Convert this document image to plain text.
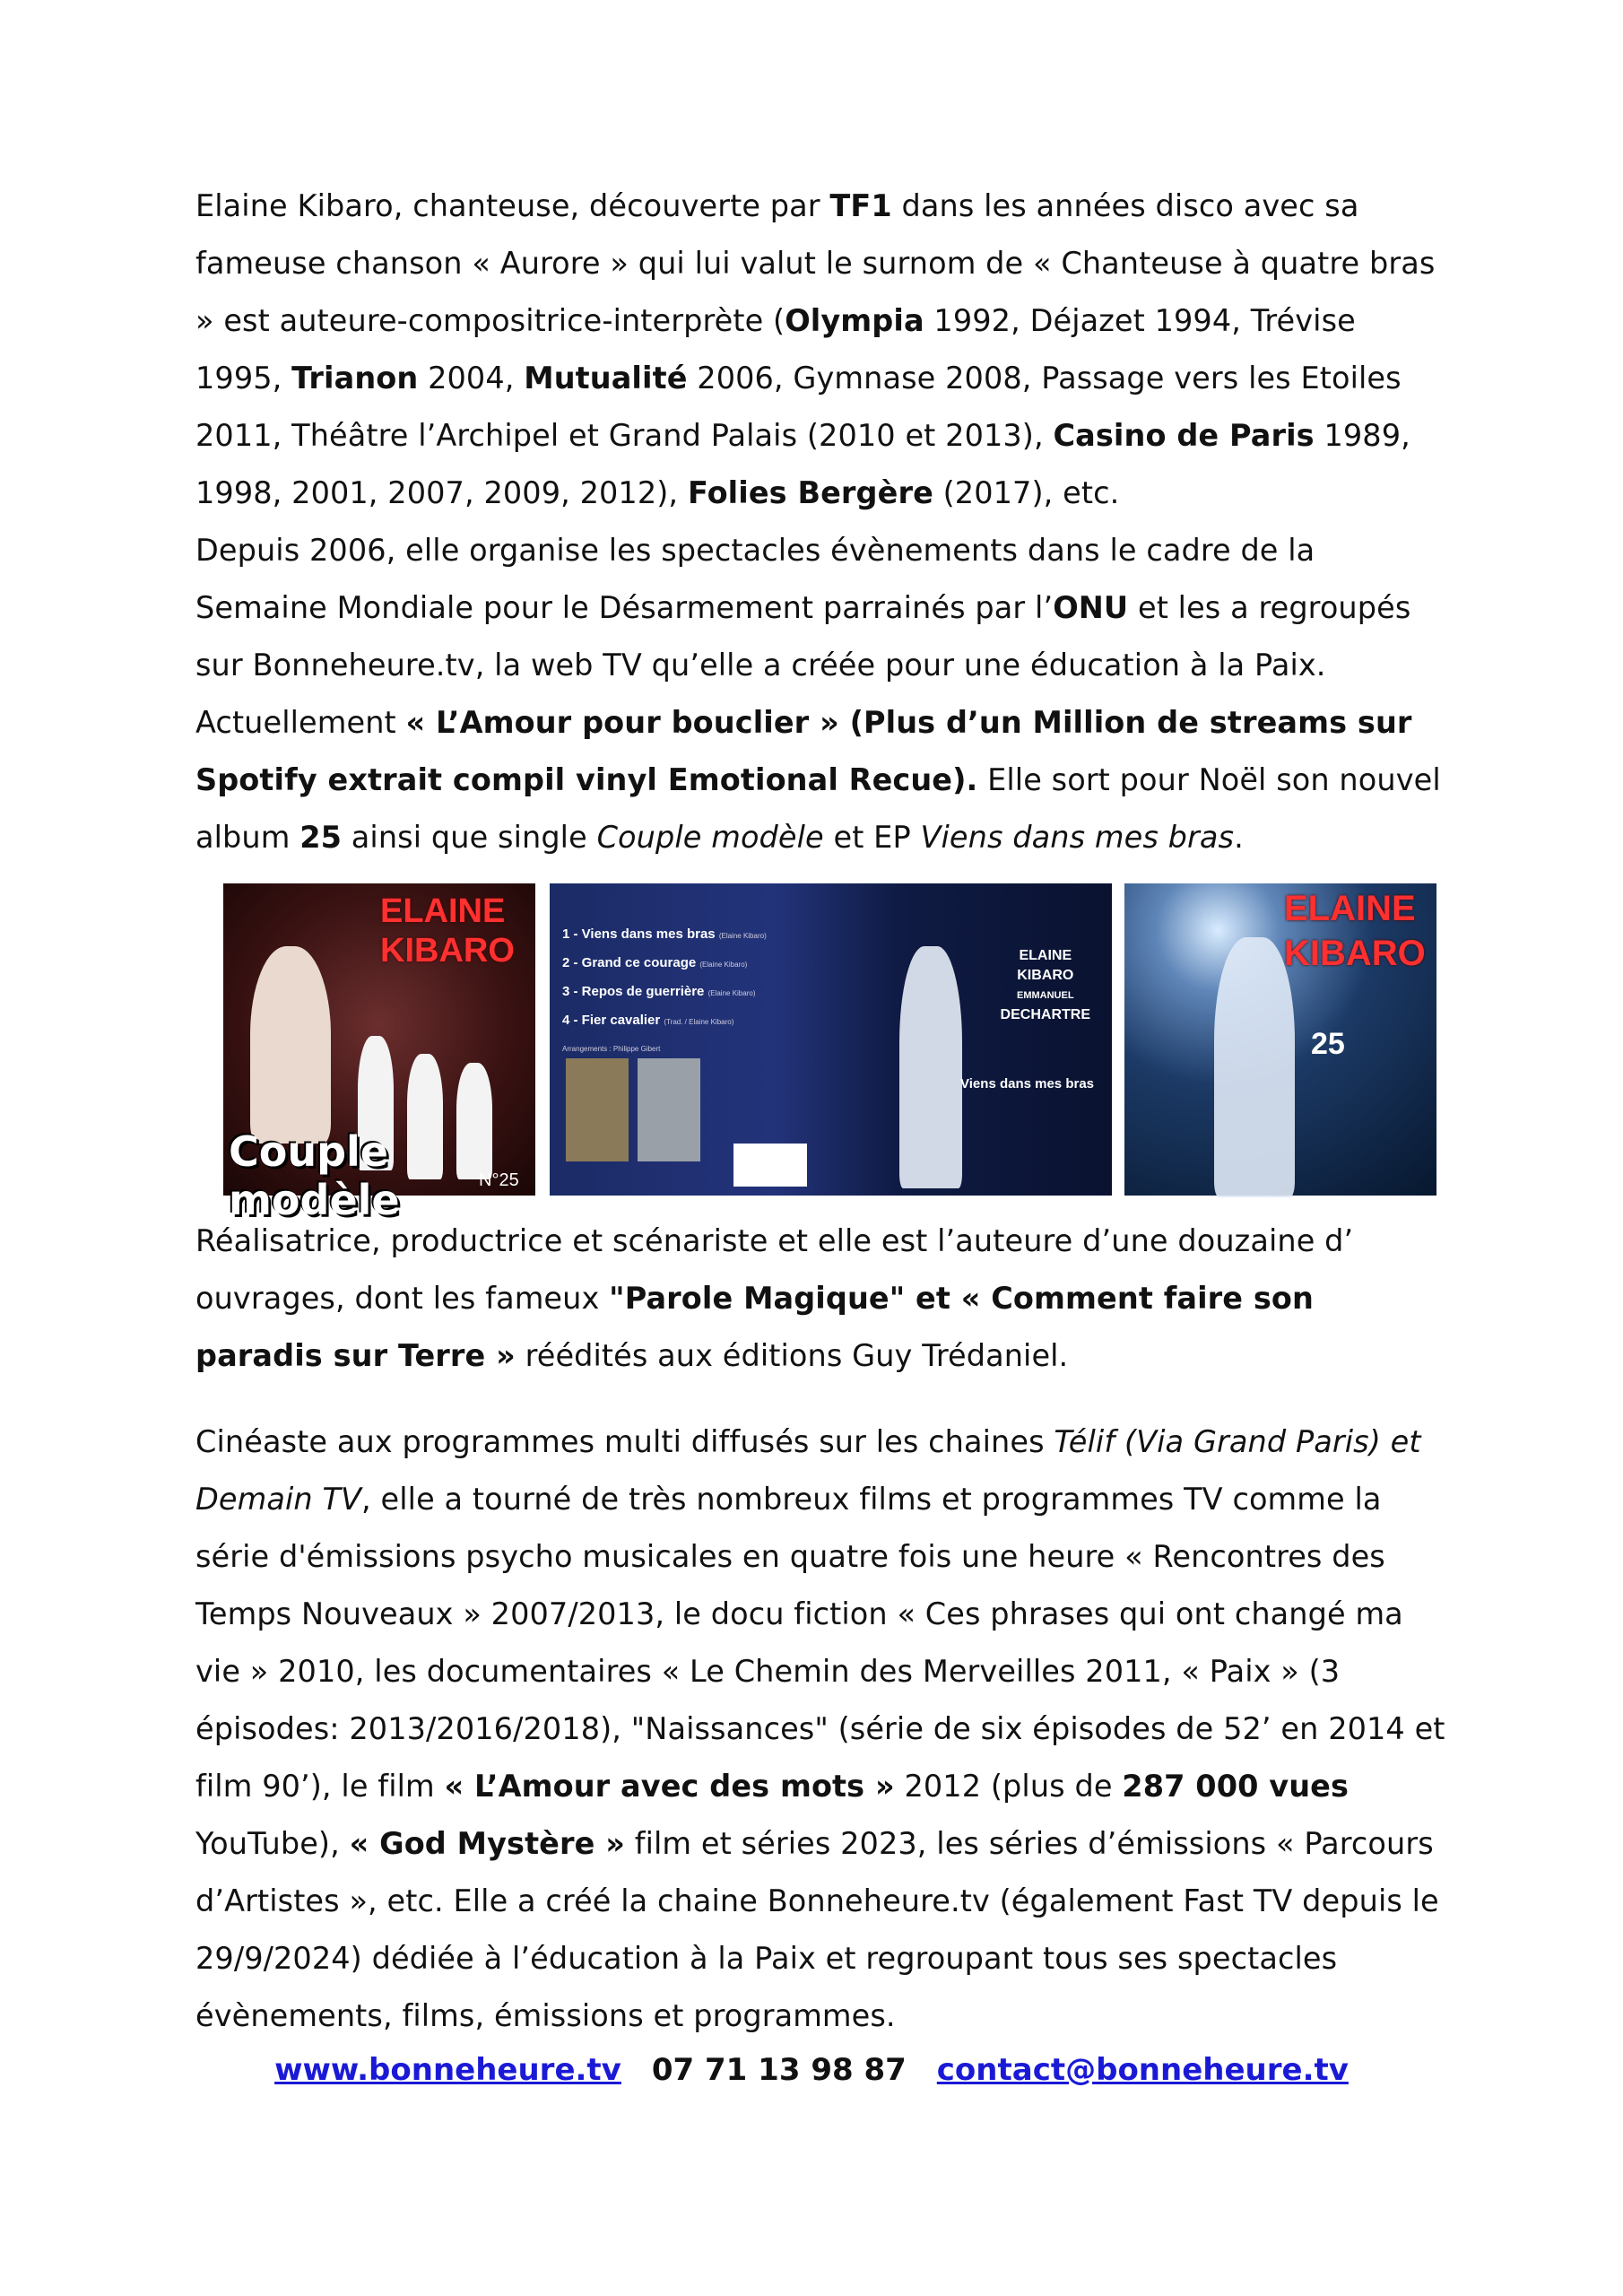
Elaine Kibaro, chanteuse, découverte par TF1 dans les années disco avec sa fameuse chanson « Aurore » qui lui valut le surnom de « Chanteuse à quatre bras » est auteure-compositrice-interprète (Olympia 1992, Déjazet 1994, Trévise 1995, Trianon 2004, Mutualité 2006, Gymnase 2008, Passage vers les Etoiles 2011, Théâtre l’Archipel et Grand Palais (2010 et 2013), Casino de Paris 1989, 1998, 2001, 2007, 2009, 2012), Folies Bergère (2017), etc.
Depuis 2006, elle organise les spectacles évènements dans le cadre de la Semaine Mondiale pour le Désarmement parrainés par l’ONU et les a regroupés sur Bonneheure.tv, la web TV qu’elle a créée pour une éducation à la Paix.
Actuellement « L’Amour pour bouclier » (Plus d’un Million de streams sur Spotify extrait compil vinyl Emotional Recue). Elle sort pour Noël son nouvel album 25 ainsi que single Couple modèle et EP Viens dans mes bras.

ELAINE
KIBARO
Couple modèle	N°25
1 - Viens dans mes bras (Elaine Kibaro)
2 - Grand ce courage (Elaine Kibaro)
3 - Repos de guerrière (Elaine Kibaro)
4 - Fier cavalier (Trad. / Elaine Kibaro)
Arrangements : Philippe Gibert
ELAINE
KIBARO
EMMANUEL
DECHARTRE
Viens dans mes bras
ELAINE
KIBARO
25

Réalisatrice, productrice et scénariste et elle est l’auteure d’une douzaine d’ ouvrages, dont les fameux "Parole Magique" et « Comment faire son paradis sur Terre » réédités aux éditions Guy Trédaniel.

Cinéaste aux programmes multi diffusés sur les chaines Télif (Via Grand Paris) et Demain TV, elle a tourné de très nombreux films et programmes TV comme la série d'émissions psycho musicales en quatre fois une heure « Rencontres des Temps Nouveaux » 2007/2013, le docu fiction « Ces phrases qui ont changé ma vie » 2010, les documentaires « Le Chemin des Merveilles 2011, « Paix » (3 épisodes: 2013/2016/2018), "Naissances" (série de six épisodes de 52’ en 2014 et film 90’), le film « L’Amour avec des mots » 2012 (plus de 287 000 vues YouTube), « God Mystère » film et séries 2023, les séries d’émissions « Parcours d’Artistes », etc. Elle a créé la chaine Bonneheure.tv (également Fast TV depuis le 29/9/2024) dédiée à l’éducation à la Paix et regroupant tous ses spectacles évènements, films, émissions et programmes.

www.bonneheure.tv 07 71 13 98 87 contact@bonneheure.tv
